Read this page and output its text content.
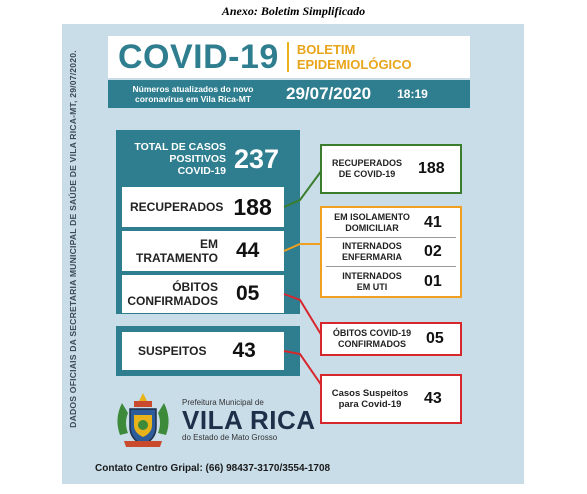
Anexo: Boletim Simplificado
DADOS OFICIAIS DA SECRETARIA MUNICIPAL DE SAÚDE DE VILA RICA-MT, 29/07/2020. COVID-19 BOLETIM
EPIDEMIOLÓGICO
Números atualizados do novo
coronavírus em Vila Rica-MT	29/07/2020 18:19
TOTAL DE CASOS
POSITIVOS
COVID-19 237
RECUPERADOS 188
EM
TRATAMENTO 44
ÓBITOS
CONFIRMADOS 05
SUSPEITOS 43
RECUPERADOS
DE COVID-19	188
EM ISOLAMENTO
DOMICILIAR	41
INTERNADOS
ENFERMARIA	02
INTERNADOS
EM UTI	01
ÓBITOS COVID-19
CONFIRMADOS	05
Casos Suspeitos
para Covid-19	43
Prefeitura Municipal de
VILA RICA
do Estado de Mato Grosso
Contato Centro Gripal: (66) 98437-3170/3554-1708
